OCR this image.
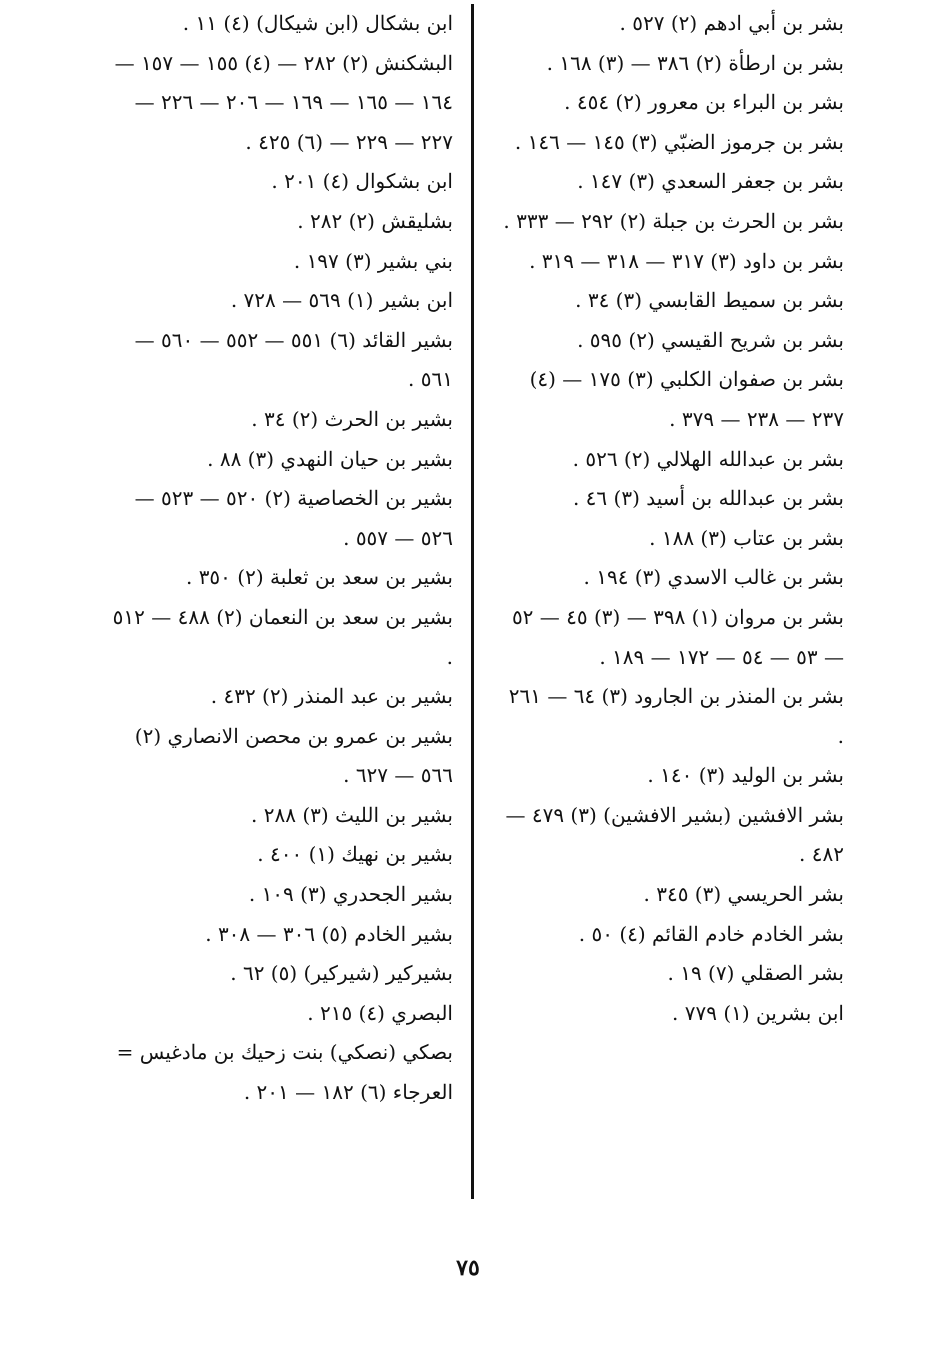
بشر بن أبي ادهم (٢) ٥٢٧ .

بشر بن ارطأة (٢) ٣٨٦ — (٣) ١٦٨ .

بشر بن البراء بن معرور (٢) ٤٥٤ .

بشر بن جرموز الضبّي (٣) ١٤٥ — ١٤٦ .

بشر بن جعفر السعدي (٣) ١٤٧ .

بشر بن الحرث بن جبلة (٢) ٢٩٢ — ٣٣٣ .

بشر بن داود (٣) ٣١٧ — ٣١٨ — ٣١٩ .

بشر بن سميط القابسي (٣) ٣٤ .

بشر بن شريح القيسي (٢) ٥٩٥ .

بشر بن صفوان الكلبي (٣) ١٧٥ — (٤) ٢٣٧ — ٢٣٨ — ٣٧٩ .

بشر بن عبدالله الهلالي (٢) ٥٢٦ .

بشر بن عبدالله بن أسيد (٣) ٤٦ .

بشر بن عتاب (٣) ١٨٨ .

بشر بن غالب الاسدي (٣) ١٩٤ .

بشر بن مروان (١) ٣٩٨ — (٣) ٤٥ — ٥٢ — ٥٣ — ٥٤ — ١٧٢ — ١٨٩ .

بشر بن المنذر بن الجارود (٣) ٦٤ — ٢٦١ .

بشر بن الوليد (٣) ١٤٠ .

بشر الافشين (بشير الافشين) (٣) ٤٧٩ — ٤٨٢ .

بشر الحريسي (٣) ٣٤٥ .

بشر الخادم خادم القائم (٤) ٥٠ .

بشر الصقلي (٧) ١٩ .

ابن بشرين (١) ٧٧٩ .

ابن بشكال (ابن شيكال) (٤) ١١ .

البشكنش (٢) ٢٨٢ — (٤) ١٥٥ — ١٥٧ — ١٦٤ — ١٦٥ — ١٦٩ — ٢٠٦ — ٢٢٦ — ٢٢٧ — ٢٢٩ — (٦) ٤٢٥ .

ابن بشكوال (٤) ٢٠١ .

بشليقش (٢) ٢٨٢ .

بني بشير (٣) ١٩٧ .

ابن بشير (١) ٥٦٩ — ٧٢٨ .

بشير القائد (٦) ٥٥١ — ٥٥٢ — ٥٦٠ — ٥٦١ .

بشير بن الحرث (٢) ٣٤ .

بشير بن حيان النهدي (٣) ٨٨ .

بشير بن الخصاصية (٢) ٥٢٠ — ٥٢٣ — ٥٢٦ — ٥٥٧ .

بشير بن سعد بن ثعلبة (٢) ٣٥٠ .

بشير بن سعد بن النعمان (٢) ٤٨٨ — ٥١٢ .

بشير بن عبد المنذر (٢) ٤٣٢ .

بشير بن عمرو بن محصن الانصاري (٢) ٥٦٦ — ٦٢٧ .

بشير بن الليث (٣) ٢٨٨ .

بشير بن نهيك (١) ٤٠٠ .

بشير الجحدري (٣) ١٠٩ .

بشير الخادم (٥) ٣٠٦ — ٣٠٨ .

بشيركير (شيركير) (٥) ٦٢ .

البصري (٤) ٢١٥ .

بصكي (نصكي) بنت زحيك بن مادغيس = العرجاء (٦) ١٨٢ — ٢٠١ .

٧٥
